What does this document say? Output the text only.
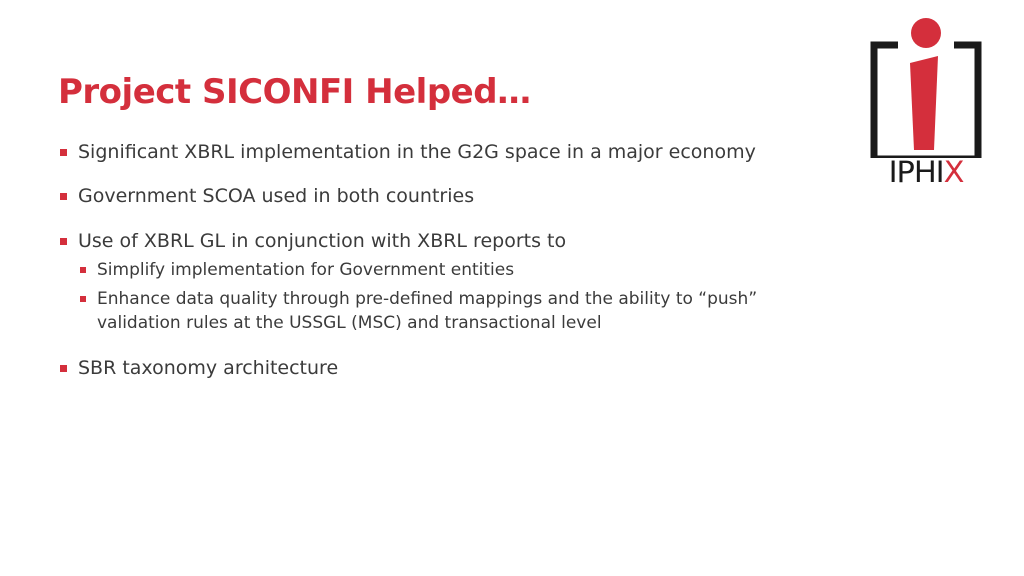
Project SICONFI Helped…
Significant XBRL implementation in the G2G space in a major economy
Government SCOA used in both countries
Use of XBRL GL in conjunction with XBRL reports to
Simplify implementation for Government entities
Enhance data quality through pre-defined mappings and the ability to “push” validation rules at the USSGL (MSC) and transactional level
SBR taxonomy architecture
IPHIX
